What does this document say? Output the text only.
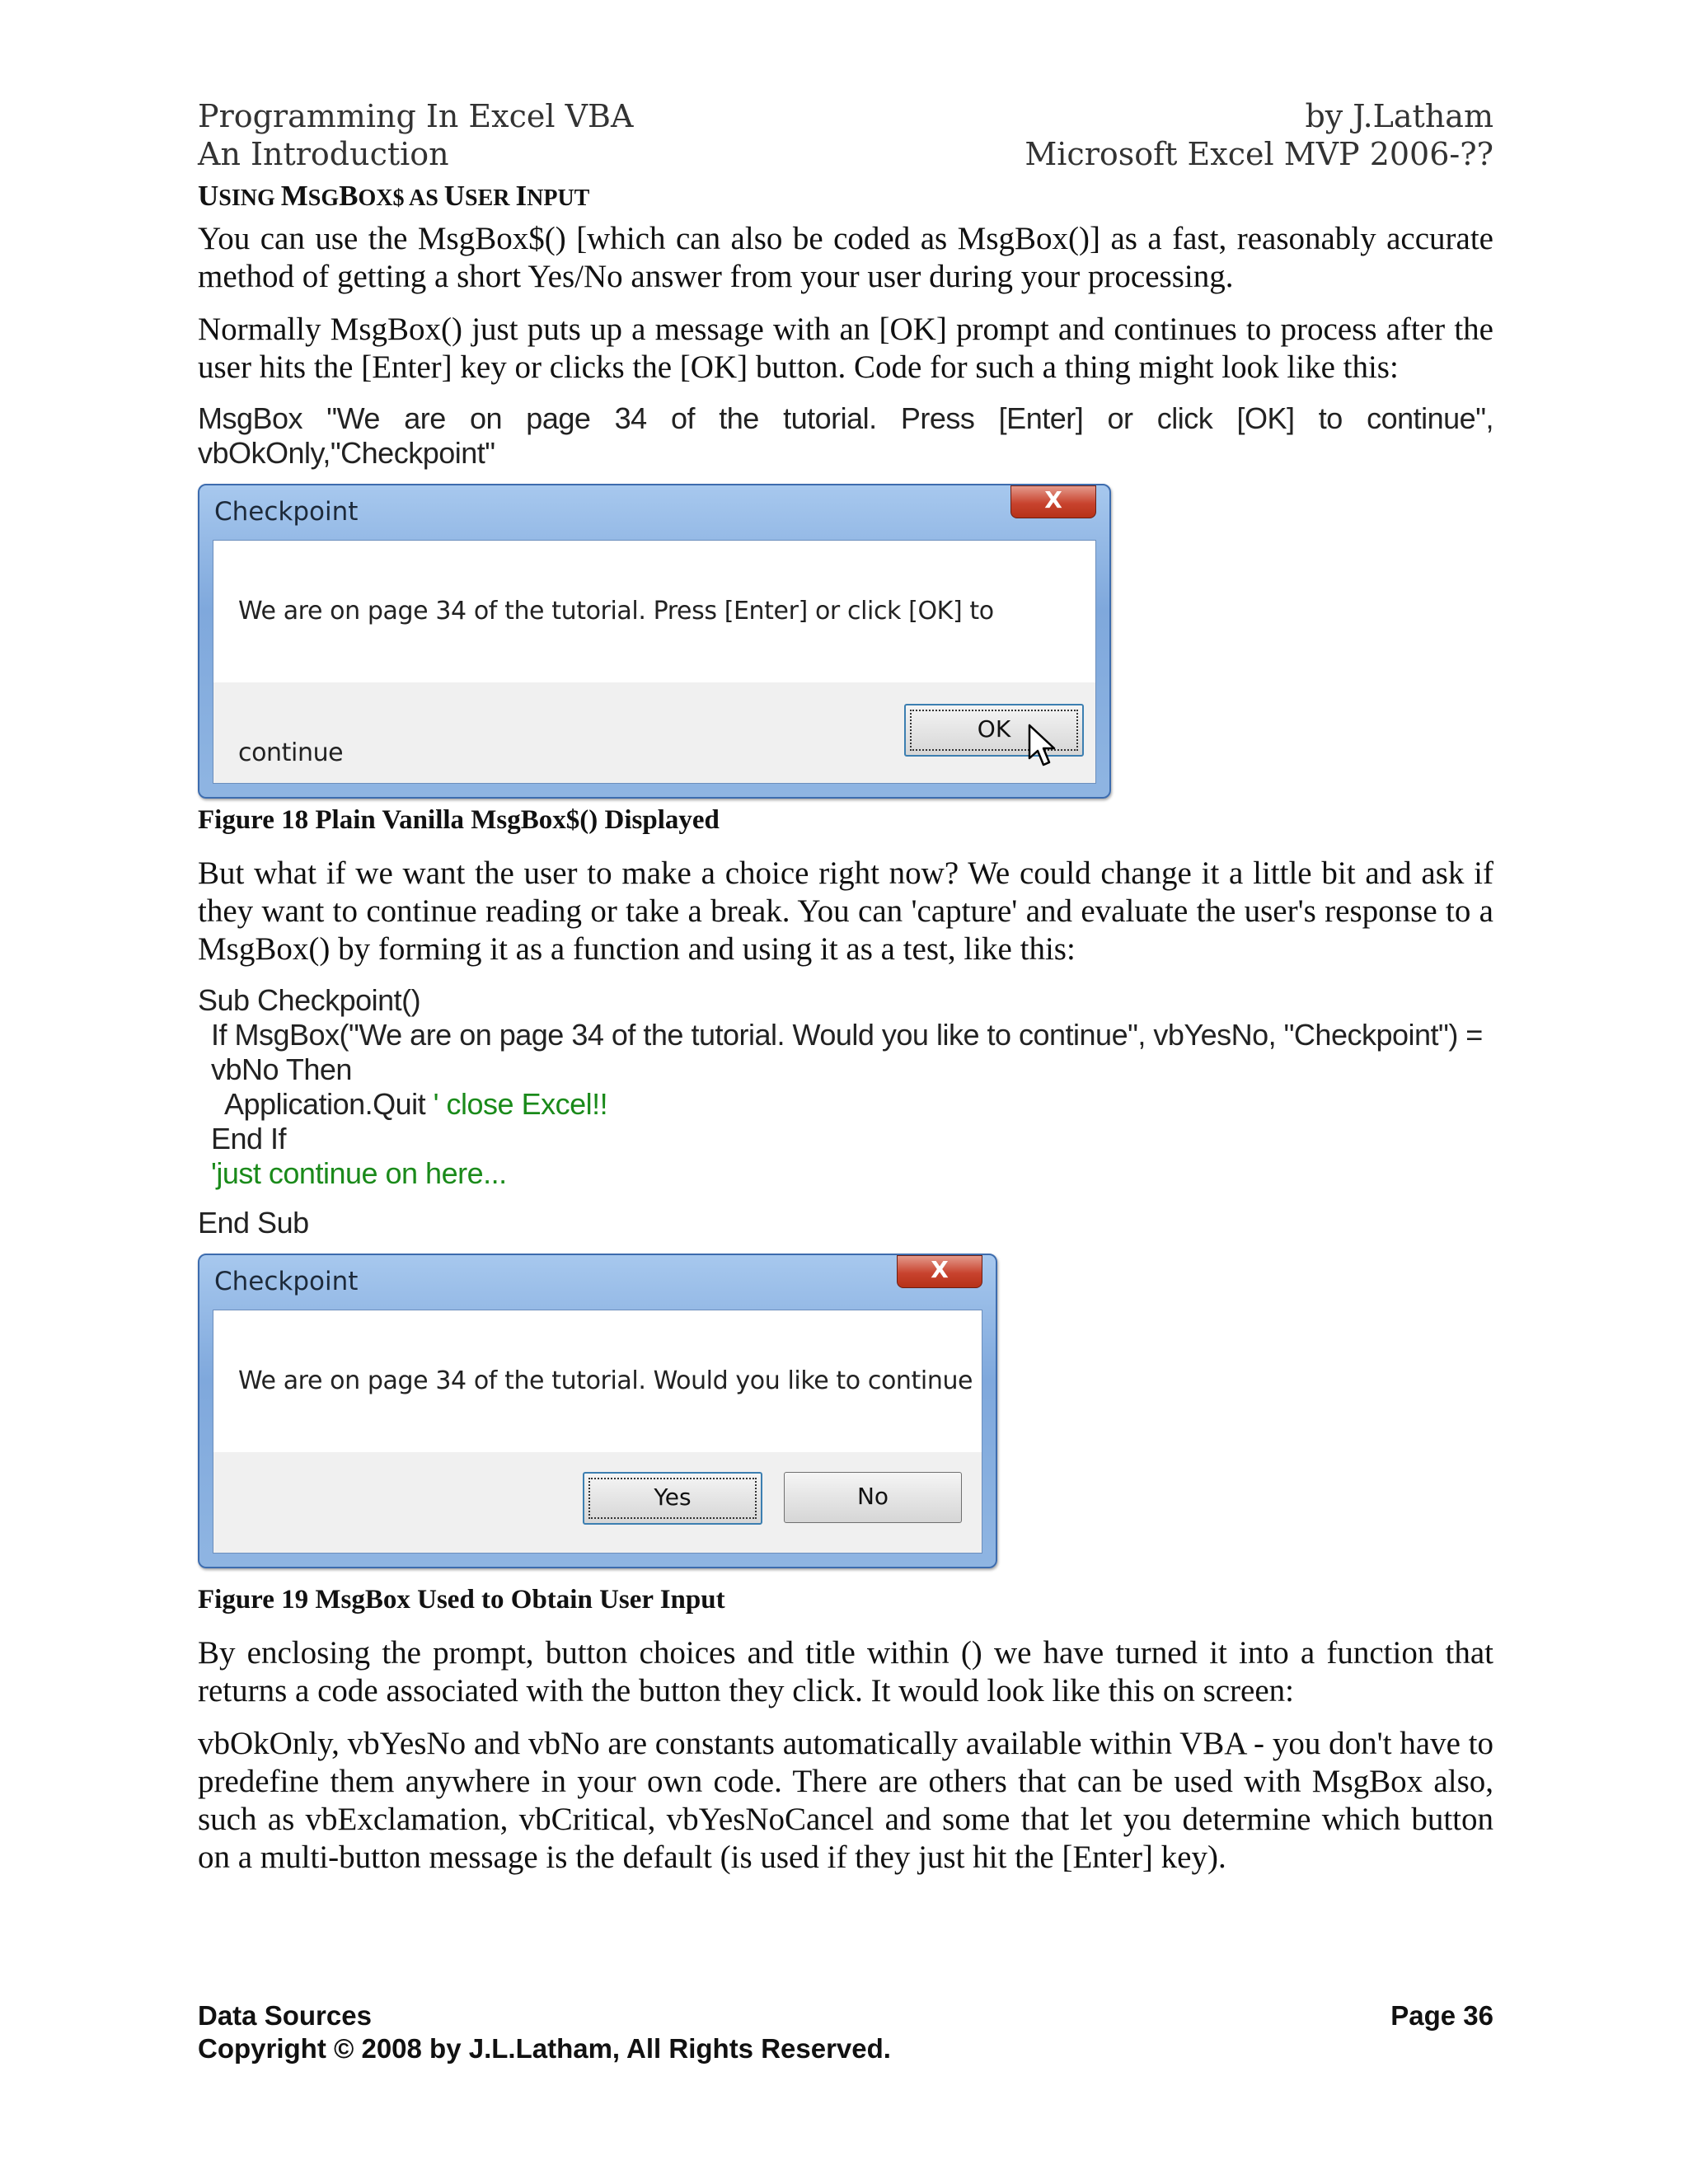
Programming In Excel VBA
An Introduction
by J.Latham
Microsoft Excel MVP 2006-??
USING MSGBOX$ AS USER INPUT

You can use the MsgBox$() [which can also be coded as MsgBox()] as a fast, reasonably accurate method of getting a short Yes/No answer from your user during your processing.

Normally MsgBox() just puts up a message with an [OK] prompt and continues to process after the user hits the [Enter] key or clicks the [OK] button. Code for such a thing might look like this:

MsgBox "We are on page 34 of the tutorial. Press [Enter] or click [OK] to continue", vbOkOnly,"Checkpoint"
Checkpoint	X
We are on page 34 of the tutorial. Press [Enter] or click [OK] to continue
OK
Figure 18 Plain Vanilla MsgBox$() Displayed

But what if we want the user to make a choice right now? We could change it a little bit and ask if they want to continue reading or take a break. You can 'capture' and evaluate the user's response to a MsgBox() by forming it as a function and using it as a test, like this:

Sub Checkpoint()
If MsgBox("We are on page 34 of the tutorial. Would you like to continue", vbYesNo, "Checkpoint") = vbNo Then
Application.Quit ' close Excel!!
End If
'just continue on here...
End Sub
Checkpoint	X
We are on page 34 of the tutorial. Would you like to continue
Yes	No
Figure 19 MsgBox Used to Obtain User Input

By enclosing the prompt, button choices and title within () we have turned it into a function that returns a code associated with the button they click. It would look like this on screen:

vbOkOnly, vbYesNo and vbNo are constants automatically available within VBA - you don't have to predefine them anywhere in your own code. There are others that can be used with MsgBox also, such as vbExclamation, vbCritical, vbYesNoCancel and some that let you determine which button on a multi-button message is the default (is used if they just hit the [Enter] key).

Data Sources	Page 36
Copyright © 2008 by J.L.Latham, All Rights Reserved.
